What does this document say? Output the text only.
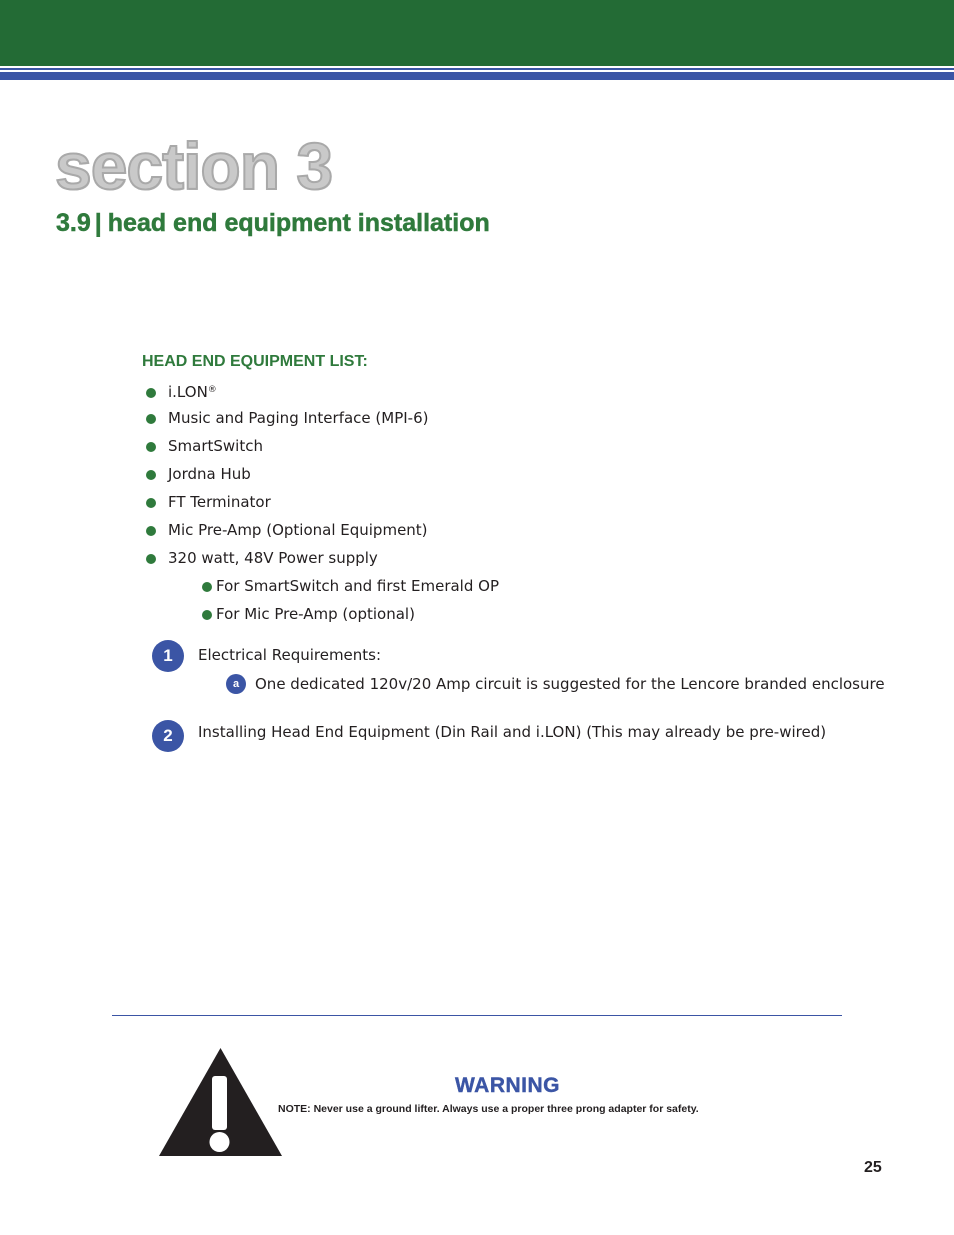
section 3
3.9 | head end equipment installation
HEAD END EQUIPMENT LIST:
i.LON®
Music and Paging Interface (MPI-6)
SmartSwitch
Jordna Hub
FT Terminator
Mic Pre-Amp (Optional Equipment)
320 watt, 48V Power supply
For SmartSwitch and first Emerald OP
For Mic Pre-Amp (optional)
1	Electrical Requirements:
a	One dedicated 120v/20 Amp circuit is suggested for the Lencore branded enclosure
2	Installing Head End Equipment (Din Rail and i.LON) (This may already be pre-wired)
WARNING
NOTE: Never use a ground lifter. Always use a proper three prong adapter for safety.
25
